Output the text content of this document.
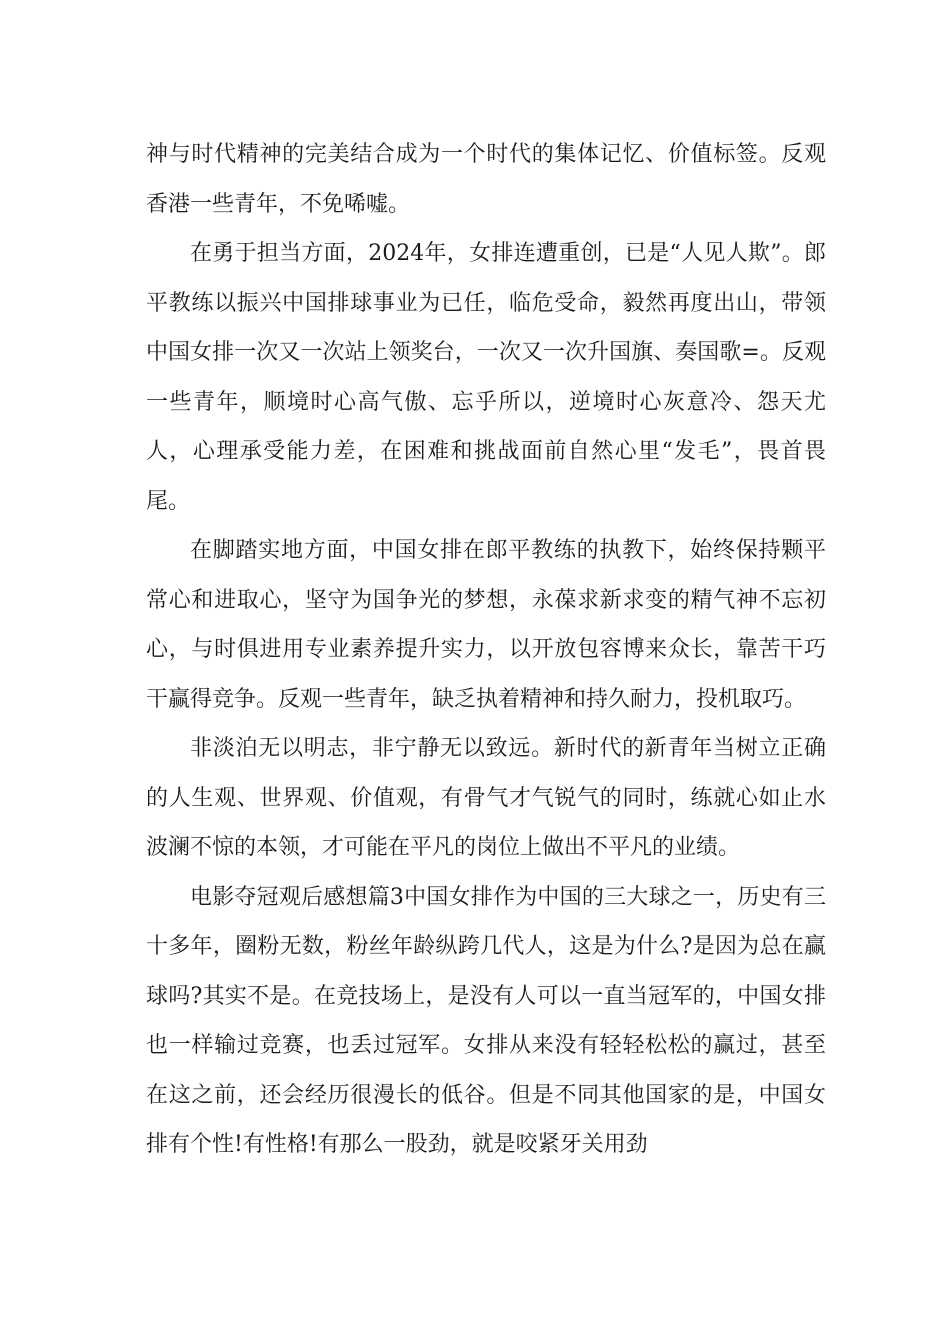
神与时代精神的完美结合成为一个时代的集体记忆、价值标签。反观香港一些青年，不免唏嘘。

在勇于担当方面，2024年，女排连遭重创，已是“人见人欺”。郎平教练以振兴中国排球事业为已任，临危受命，毅然再度出山，带领中国女排一次又一次站上领奖台，一次又一次升国旗、奏国歌=。反观一些青年，顺境时心高气傲、忘乎所以，逆境时心灰意冷、怨天尤人，心理承受能力差，在困难和挑战面前自然心里“发毛”，畏首畏尾。

在脚踏实地方面，中国女排在郎平教练的执教下，始终保持颗平常心和进取心，坚守为国争光的梦想，永葆求新求变的精气神不忘初心，与时俱进用专业素养提升实力，以开放包容博来众长，靠苦干巧干赢得竞争。反观一些青年，缺乏执着精神和持久耐力，投机取巧。

非淡泊无以明志，非宁静无以致远。新时代的新青年当树立正确的人生观、世界观、价值观，有骨气才气锐气的同时，练就心如止水波澜不惊的本领，才可能在平凡的岗位上做出不平凡的业绩。

电影夺冠观后感想篇3中国女排作为中国的三大球之一，历史有三十多年，圈粉无数，粉丝年龄纵跨几代人，这是为什么?是因为总在赢球吗?其实不是。在竞技场上，是没有人可以一直当冠军的，中国女排也一样输过竞赛，也丢过冠军。女排从来没有轻轻松松的赢过，甚至在这之前，还会经历很漫长的低谷。但是不同其他国家的是，中国女排有个性!有性格!有那么一股劲，就是咬紧牙关用劲
